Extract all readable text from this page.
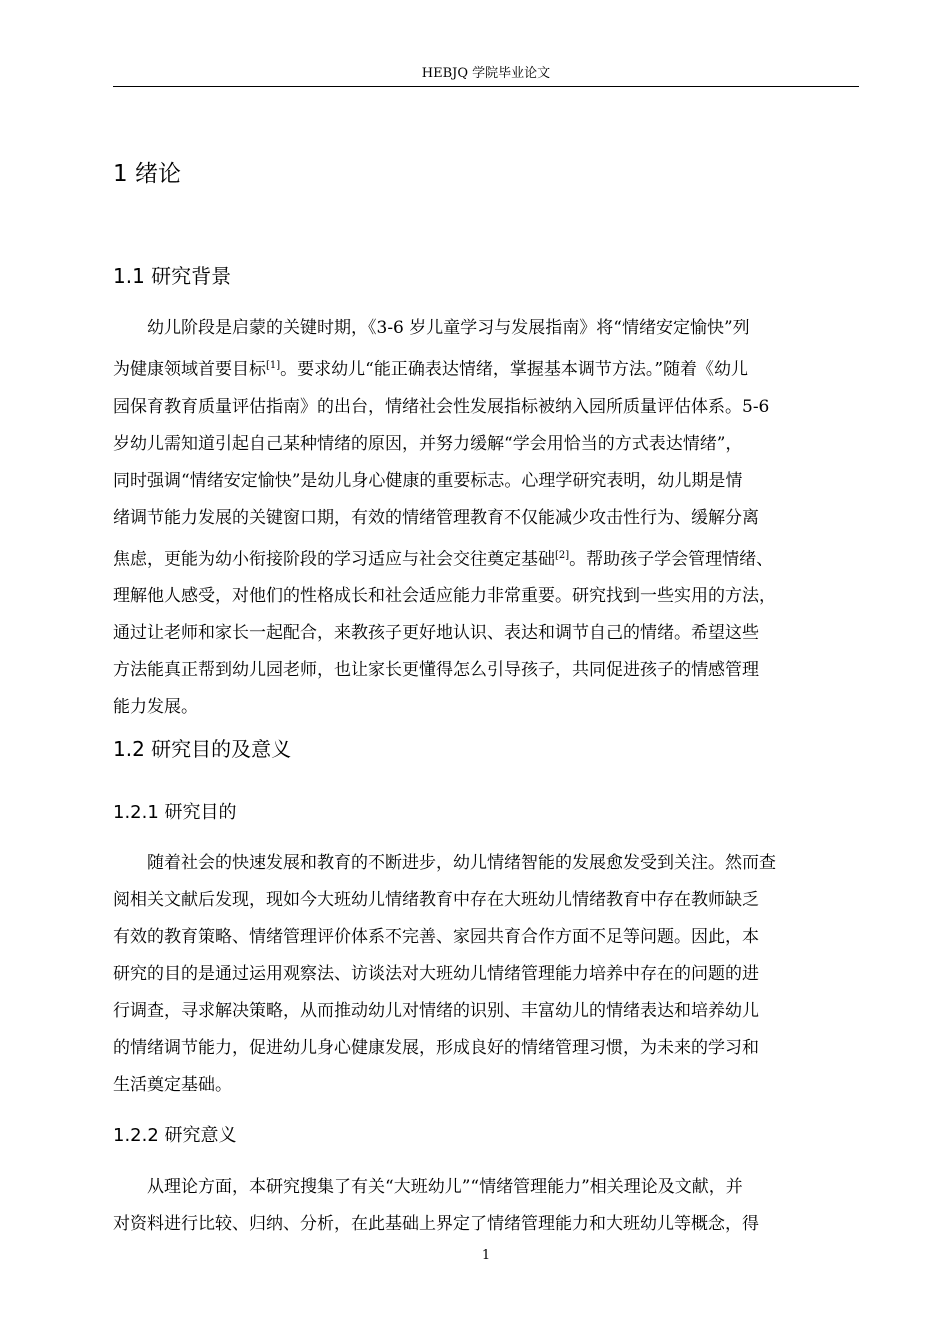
HEBJQ 学院毕业论文
1 绪论
1.1 研究背景
幼儿阶段是启蒙的关键时期，《3-6 岁儿童学习与发展指南》将“情绪安定愉快”列
为健康领域首要目标[1]。要求幼儿“能正确表达情绪，掌握基本调节方法。”随着《幼儿
园保育教育质量评估指南》的出台，情绪社会性发展指标被纳入园所质量评估体系。5-6
岁幼儿需知道引起自己某种情绪的原因，并努力缓解“学会用恰当的方式表达情绪”，
同时强调“情绪安定愉快”是幼儿身心健康的重要标志。心理学研究表明，幼儿期是情
绪调节能力发展的关键窗口期，有效的情绪管理教育不仅能减少攻击性行为、缓解分离
焦虑，更能为幼小衔接阶段的学习适应与社会交往奠定基础[2]。帮助孩子学会管理情绪、
理解他人感受，对他们的性格成长和社会适应能力非常重要。研究找到一些实用的方法，
通过让老师和家长一起配合，来教孩子更好地认识、表达和调节自己的情绪。希望这些
方法能真正帮到幼儿园老师，也让家长更懂得怎么引导孩子，共同促进孩子的情感管理
能力发展。
1.2 研究目的及意义
1.2.1 研究目的
随着社会的快速发展和教育的不断进步，幼儿情绪智能的发展愈发受到关注。然而查
阅相关文献后发现，现如今大班幼儿情绪教育中存在大班幼儿情绪教育中存在教师缺乏
有效的教育策略、情绪管理评价体系不完善、家园共育合作方面不足等问题。因此，本
研究的目的是通过运用观察法、访谈法对大班幼儿情绪管理能力培养中存在的问题的进
行调查，寻求解决策略，从而推动幼儿对情绪的识别、丰富幼儿的情绪表达和培养幼儿
的情绪调节能力，促进幼儿身心健康发展，形成良好的情绪管理习惯，为未来的学习和
生活奠定基础。
1.2.2 研究意义
从理论方面，本研究搜集了有关“大班幼儿”“情绪管理能力”相关理论及文献，并
对资料进行比较、归纳、分析，在此基础上界定了情绪管理能力和大班幼儿等概念，得
1
